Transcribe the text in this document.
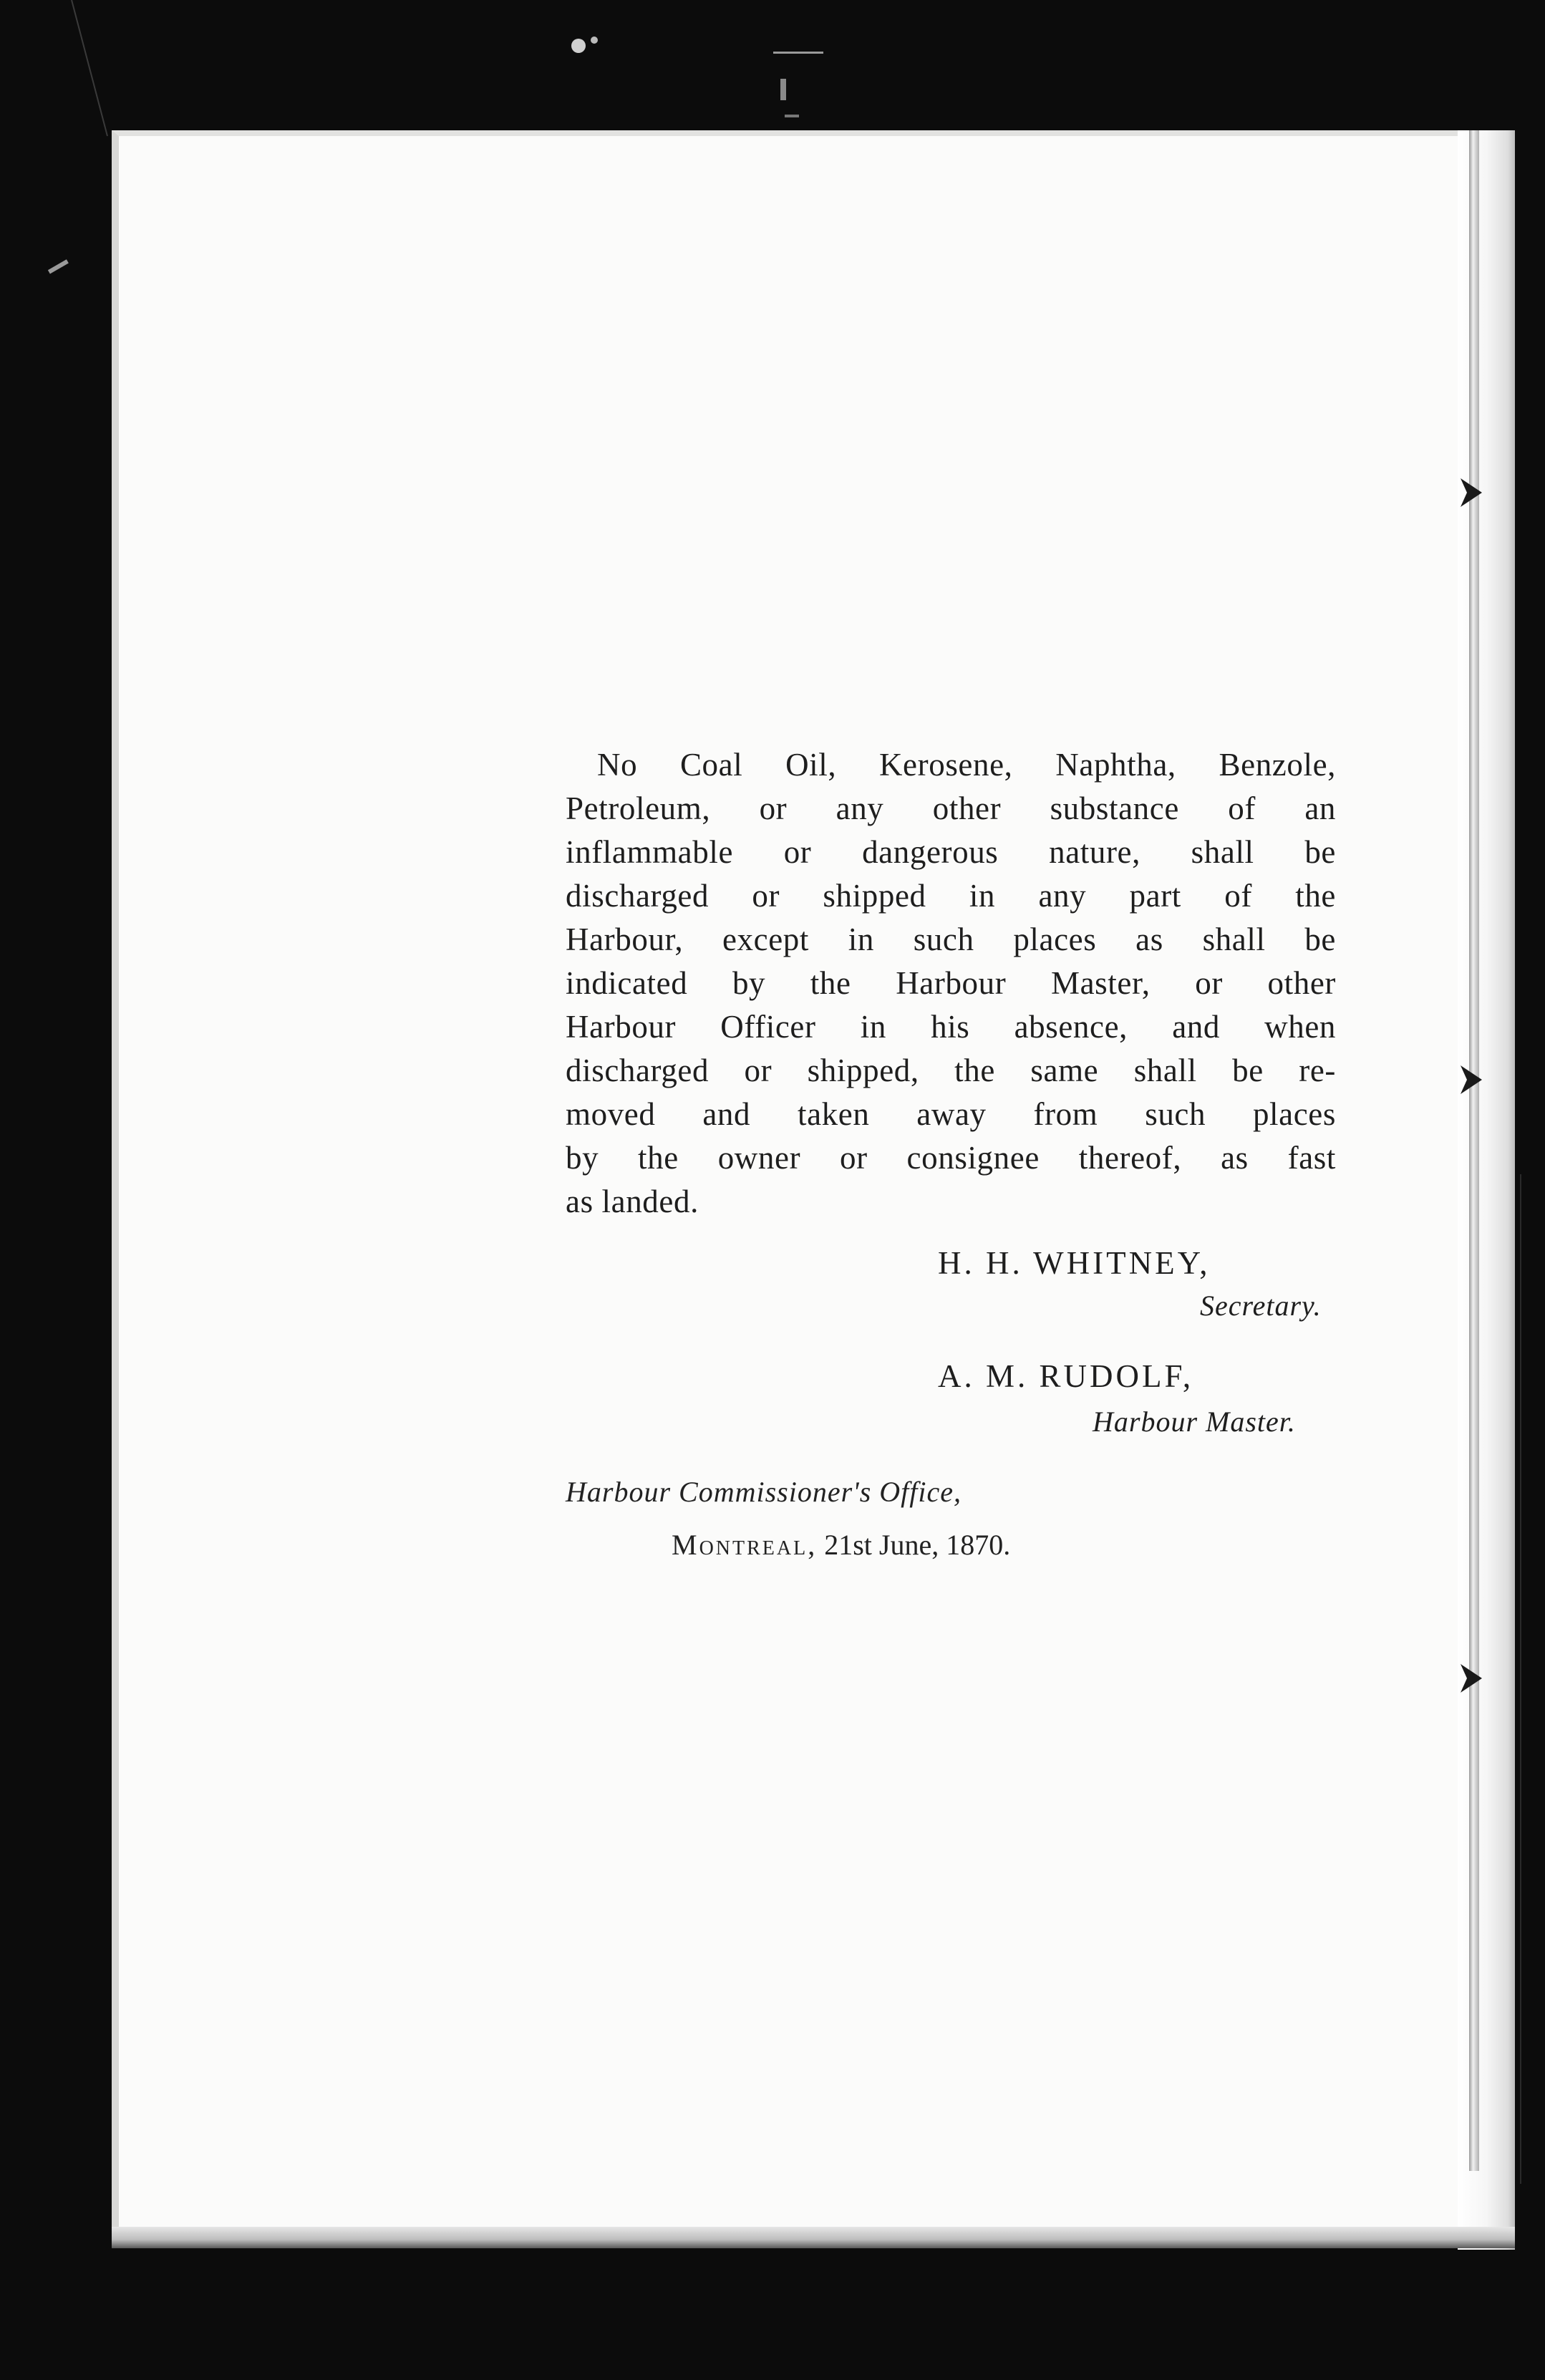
No Coal Oil, Kerosene, Naphtha, Benzole,
Petroleum, or any other substance of an
inflammable or dangerous nature, shall be
discharged or shipped in any part of the
Harbour, except in such places as shall be
indicated by the Harbour Master, or other
Harbour Officer in his absence, and when
discharged or shipped, the same shall be re-
moved and taken away from such places
by the owner or consignee thereof, as fast
as landed.
H. H. WHITNEY,
Secretary.
A. M. RUDOLF,
Harbour Master.
Harbour Commissioner's Office,
Montreal, 21st June, 1870.
